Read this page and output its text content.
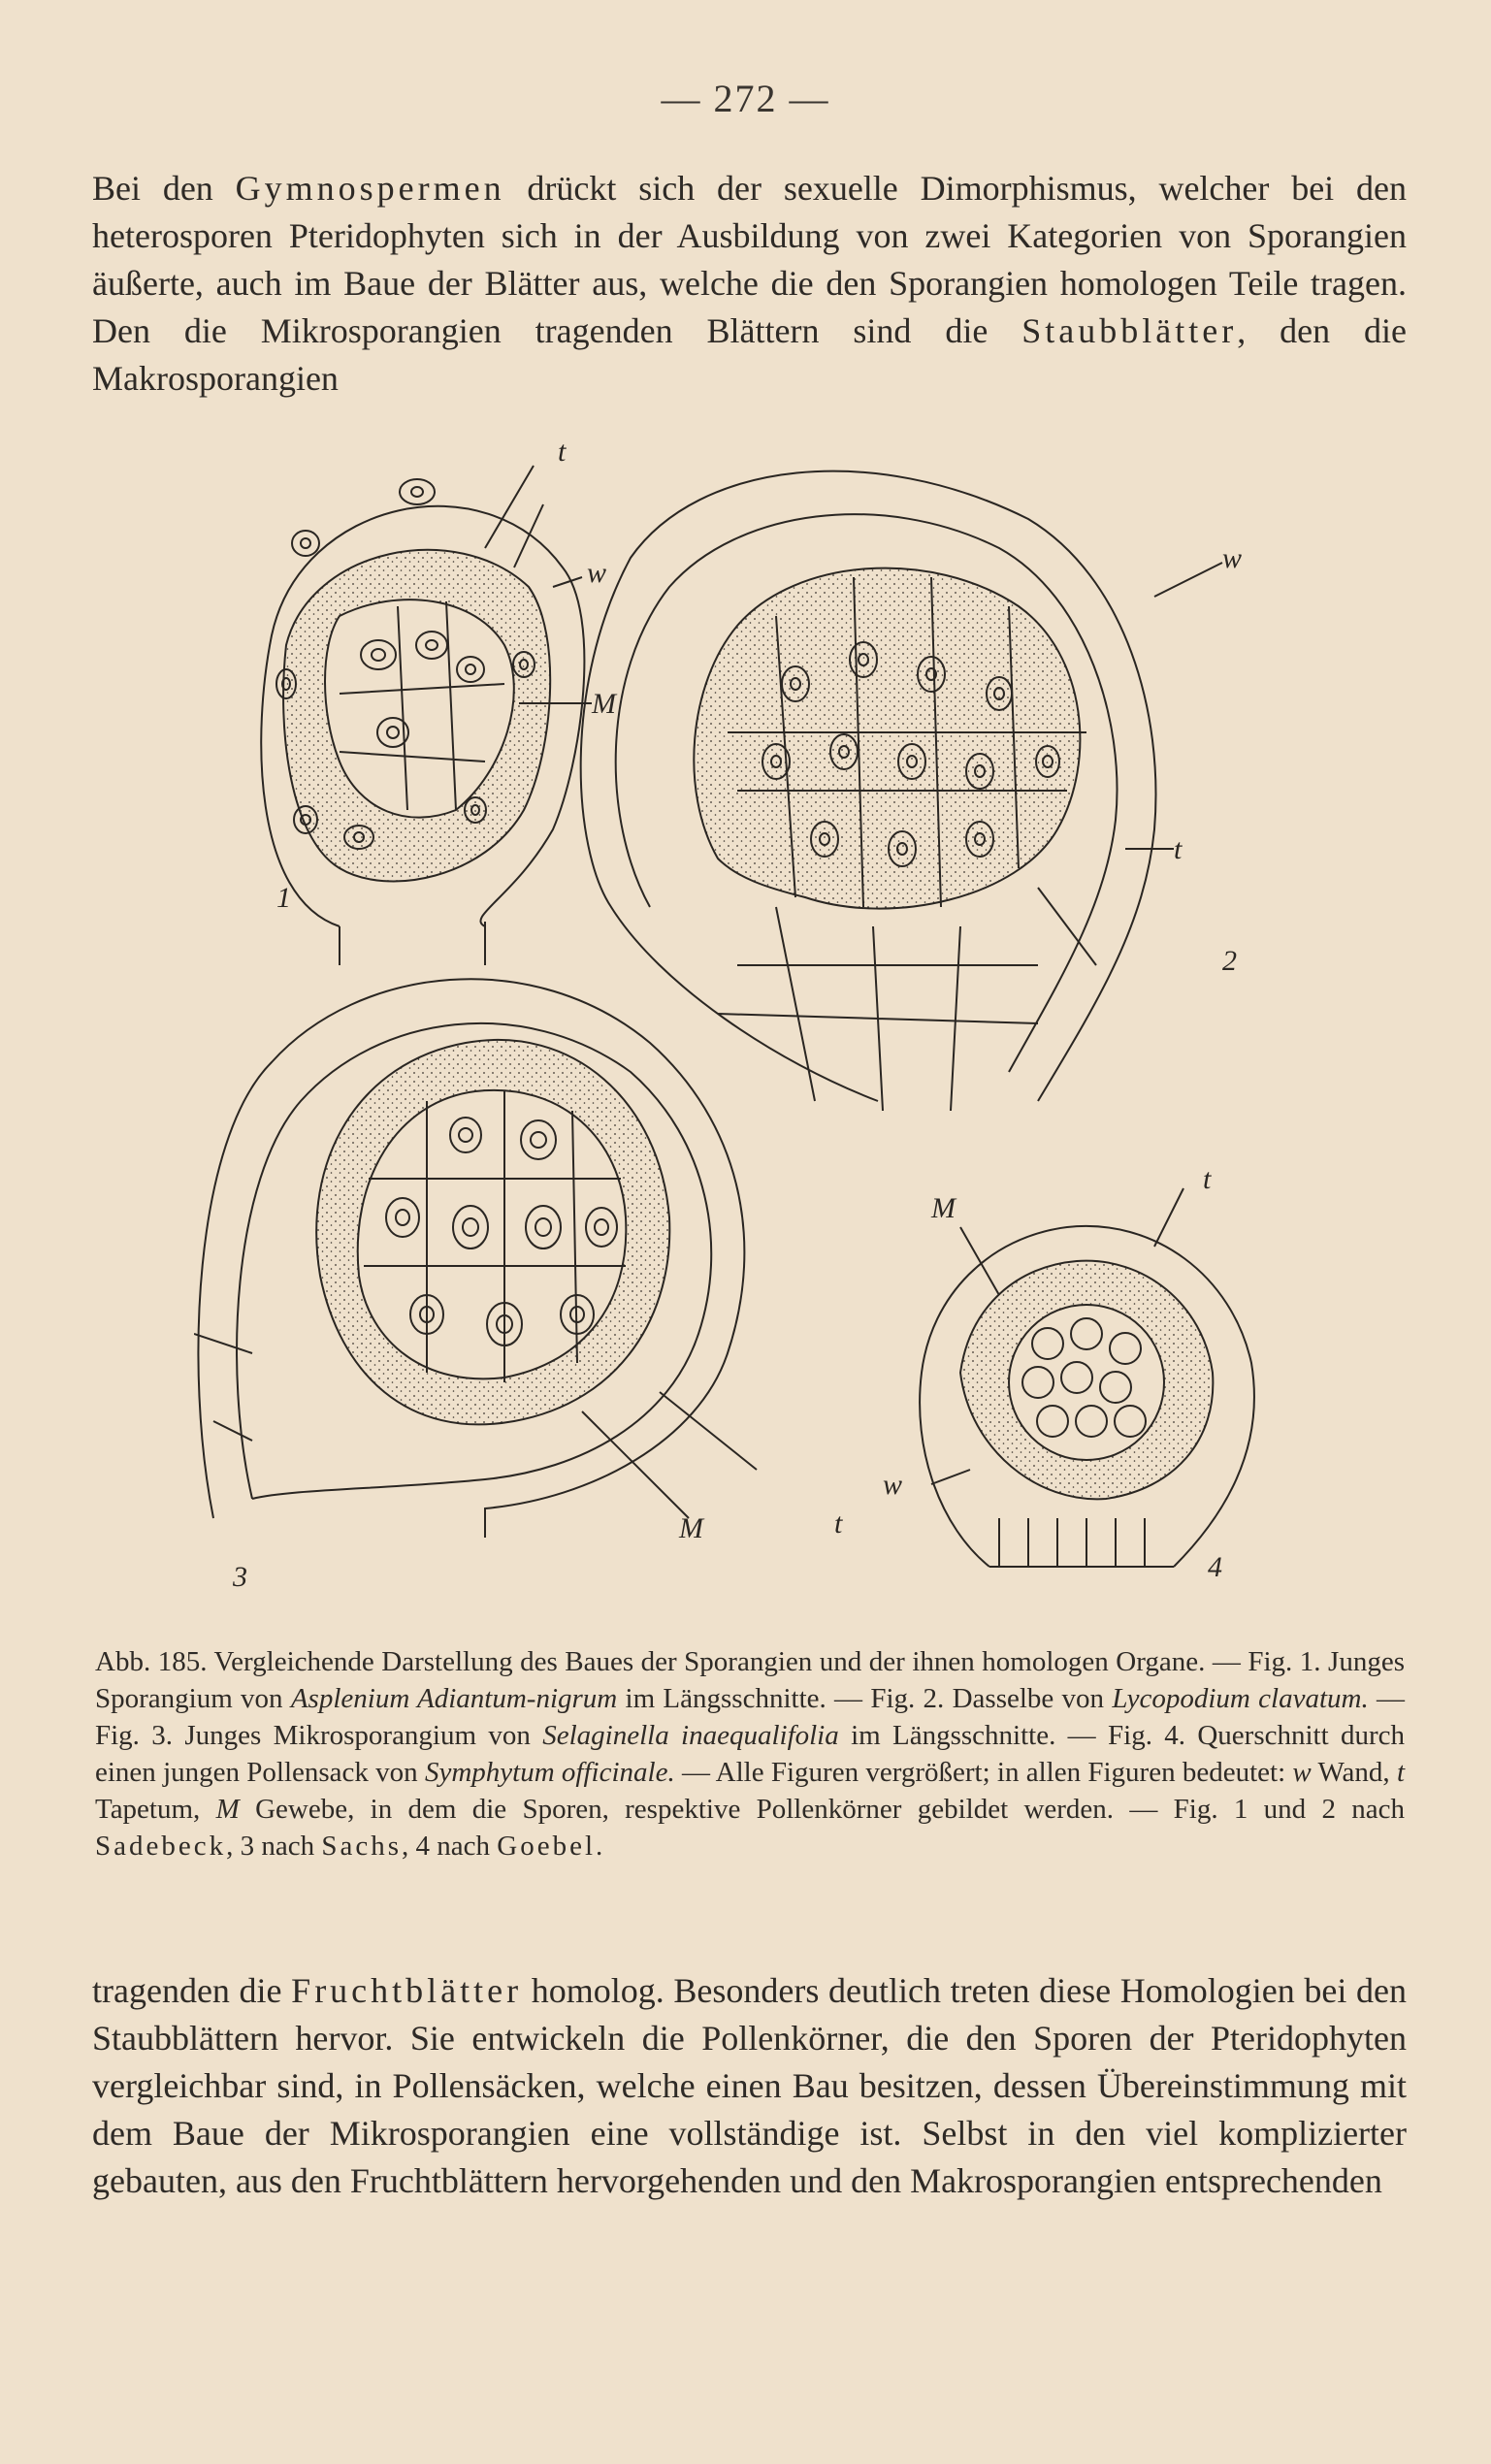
— 272 —

Bei den Gymnospermen drückt sich der sexuelle Dimorphismus, welcher bei den heterosporen Pteridophyten sich in der Ausbildung von zwei Kategorien von Sporangien äußerte, auch im Baue der Blätter aus, welche die den Sporangien homologen Teile tragen. Den die Mikrosporangien tragenden Blättern sind die Staubblätter, den die Makrosporangien

1
2
3	4
t
w
M
w
t
M
t
w
M	t

Abb. 185. Vergleichende Darstellung des Baues der Sporangien und der ihnen homologen Organe. — Fig. 1. Junges Sporangium von Asplenium Adiantum-nigrum im Längsschnitte. — Fig. 2. Dasselbe von Lycopodium clavatum. — Fig. 3. Junges Mikrosporangium von Selaginella inaequalifolia im Längsschnitte. — Fig. 4. Querschnitt durch einen jungen Pollensack von Symphytum officinale. — Alle Figuren vergrößert; in allen Figuren bedeutet: w Wand, t Tapetum, M Gewebe, in dem die Sporen, respektive Pollenkörner gebildet werden. — Fig. 1 und 2 nach Sadebeck, 3 nach Sachs, 4 nach Goebel.

tragenden die Fruchtblätter homolog. Besonders deutlich treten diese Homologien bei den Staubblättern hervor. Sie entwickeln die Pollenkörner, die den Sporen der Pteridophyten vergleichbar sind, in Pollensäcken, welche einen Bau besitzen, dessen Übereinstimmung mit dem Baue der Mikrosporangien eine vollständige ist. Selbst in den viel komplizierter gebauten, aus den Fruchtblättern hervorgehenden und den Makrosporangien entsprechenden
